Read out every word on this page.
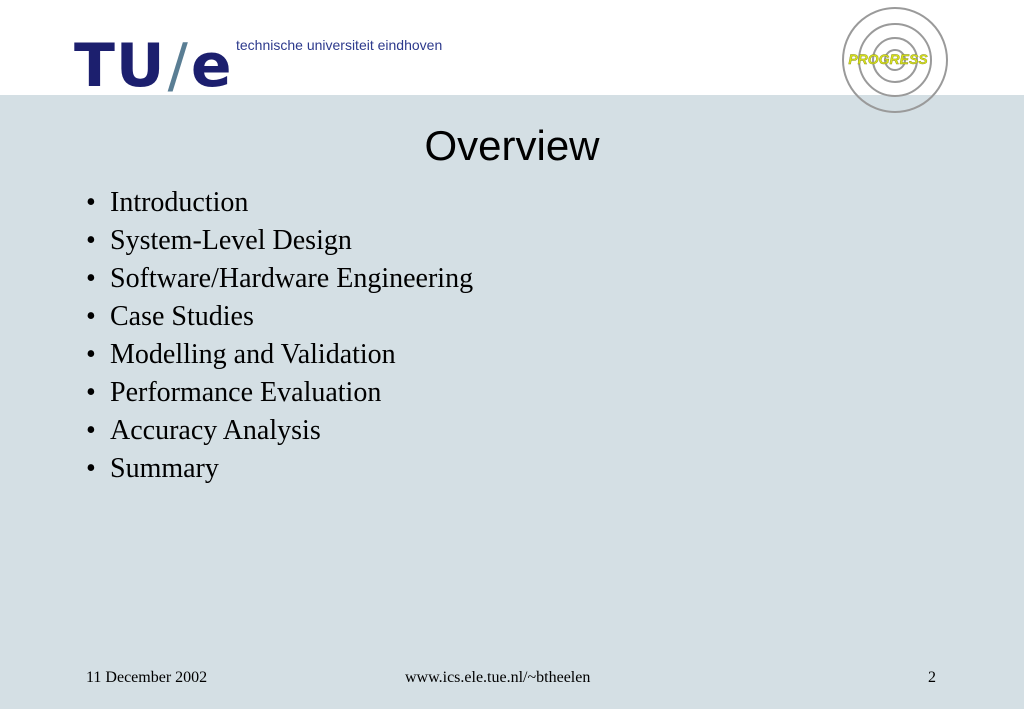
TU/e technische universiteit eindhoven
PROGRESS
Overview
• Introduction
• System-Level Design
• Software/Hardware Engineering
• Case Studies
• Modelling and Validation
• Performance Evaluation
• Accuracy Analysis
• Summary
11 December 2002	www.ics.ele.tue.nl/~btheelen	2
